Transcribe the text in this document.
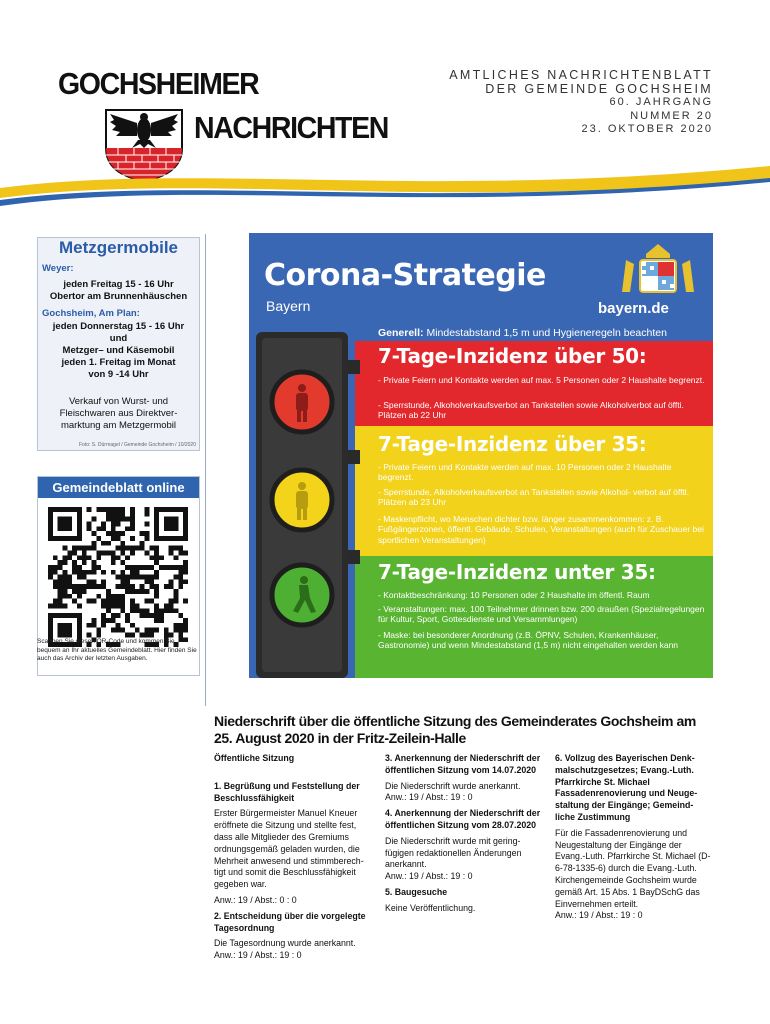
GOCHSHEIMER
NACHRICHTEN
AMTLICHES NACHRICHTENBLATT
DER GEMEINDE GOCHSHEIM
60. JAHRGANG
NUMMER 20
23. OKTOBER 2020
Metzgermobile
Weyer:
jeden Freitag 15 - 16 Uhr
Obertor am Brunnenhäuschen
Gochsheim, Am Plan:
jeden Donnerstag 15 - 16 Uhr
und
Metzger– und Käsemobil
jeden 1. Freitag im Monat
von 9 -14 Uhr
Verkauf von Wurst- und
Fleischwaren aus Direktver-
marktung am Metzgermobil
Foto: S. Dürrnagel / Gemeinde Gochsheim / 10/2020
Gemeindeblatt online
Scannen Sie diesen QR-Code und kommen Sie bequem an Ihr aktuelles Gemeindeblatt. Hier finden Sie auch das Archiv der letzten Ausgaben.
Corona-Strategie
Bayern	bayern.de
Generell: Mindestabstand 1,5 m und Hygieneregeln beachten
7-Tage-Inzidenz über 50:
- Private Feiern und Kontakte werden auf max. 5 Personen oder 2 Haushalte begrenzt.
- Sperrstunde, Alkoholverkaufsverbot an Tankstellen sowie Alkoholverbot auf öffti. Plätzen ab 22 Uhr
7-Tage-Inzidenz über 35:
- Private Feiern und Kontakte werden auf max. 10 Personen oder 2 Haushalte begrenzt.
- Sperrstunde, Alkoholverkaufsverbot an Tankstellen sowie Alkohol- verbot auf öfftl. Plätzen ab 23 Uhr
- Maskenpflicht, wo Menschen dichter bzw. länger zusammenkommen: z. B. Fußgängerzonen, öffentl. Gebäude, Schulen, Veranstaltungen (auch für Zuschauer bei sportlichen Veranstaltungen)
7-Tage-Inzidenz unter 35:
- Kontaktbeschränkung: 10 Personen oder 2 Haushalte im öffentl. Raum
- Veranstaltungen: max. 100 Teilnehmer drinnen bzw. 200 draußen (Spezialregelungen für Kultur, Sport, Gottesdienste und Versammlungen)
- Maske: bei besonderer Anordnung (z.B. ÖPNV, Schulen, Krankenhäuser, Gastronomie) und wenn Mindestabstand (1,5 m) nicht eingehalten werden kann
Niederschrift über die öffentliche Sitzung des Gemeinderates Gochsheim am 25. August 2020 in der Fritz-Zeilein-Halle

Öffentliche Sitzung

1. Begrüßung und Feststellung der Beschlussfähigkeit

Erster Bürgermeister Manuel Kneuer eröffnete die Sitzung und stellte fest, dass alle Mitglieder des Gremiums ordnungsgemäß geladen wurden, die Mehrheit anwesend und stimmberech- tigt und somit die Beschlussfähigkeit gegeben war.

Anw.: 19 / Abst.: 0 : 0

2. Entscheidung über die vorgelegte Tagesordnung

Die Tagesordnung wurde anerkannt.

Anw.: 19 / Abst.: 19 : 0

3. Anerkennung der Niederschrift der öffentlichen Sitzung vom 14.07.2020

Die Niederschrift wurde anerkannt.

Anw.: 19 / Abst.: 19 : 0

4. Anerkennung der Niederschrift der öffentlichen Sitzung vom 28.07.2020

Die Niederschrift wurde mit gering- fügigen redaktionellen Änderungen anerkannt.

Anw.: 19 / Abst.: 19 : 0

5. Baugesuche

Keine Veröffentlichung.

6. Vollzug des Bayerischen Denk- malschutzgesetzes; Evang.-Luth. Pfarrkirche St. Michael Fassadenrenovierung und Neuge- staltung der Eingänge; Gemeind- liche Zustimmung

Für die Fassadenrenovierung und Neugestaltung der Eingänge der Evang.-Luth. Pfarrkirche St. Michael (D-6-78-1335-6) durch die Evang.-Luth. Kirchengemeinde Gochsheim wurde gemäß Art. 15 Abs. 1 BayDSchG das Einvernehmen erteilt.

Anw.: 19 / Abst.: 19 : 0
